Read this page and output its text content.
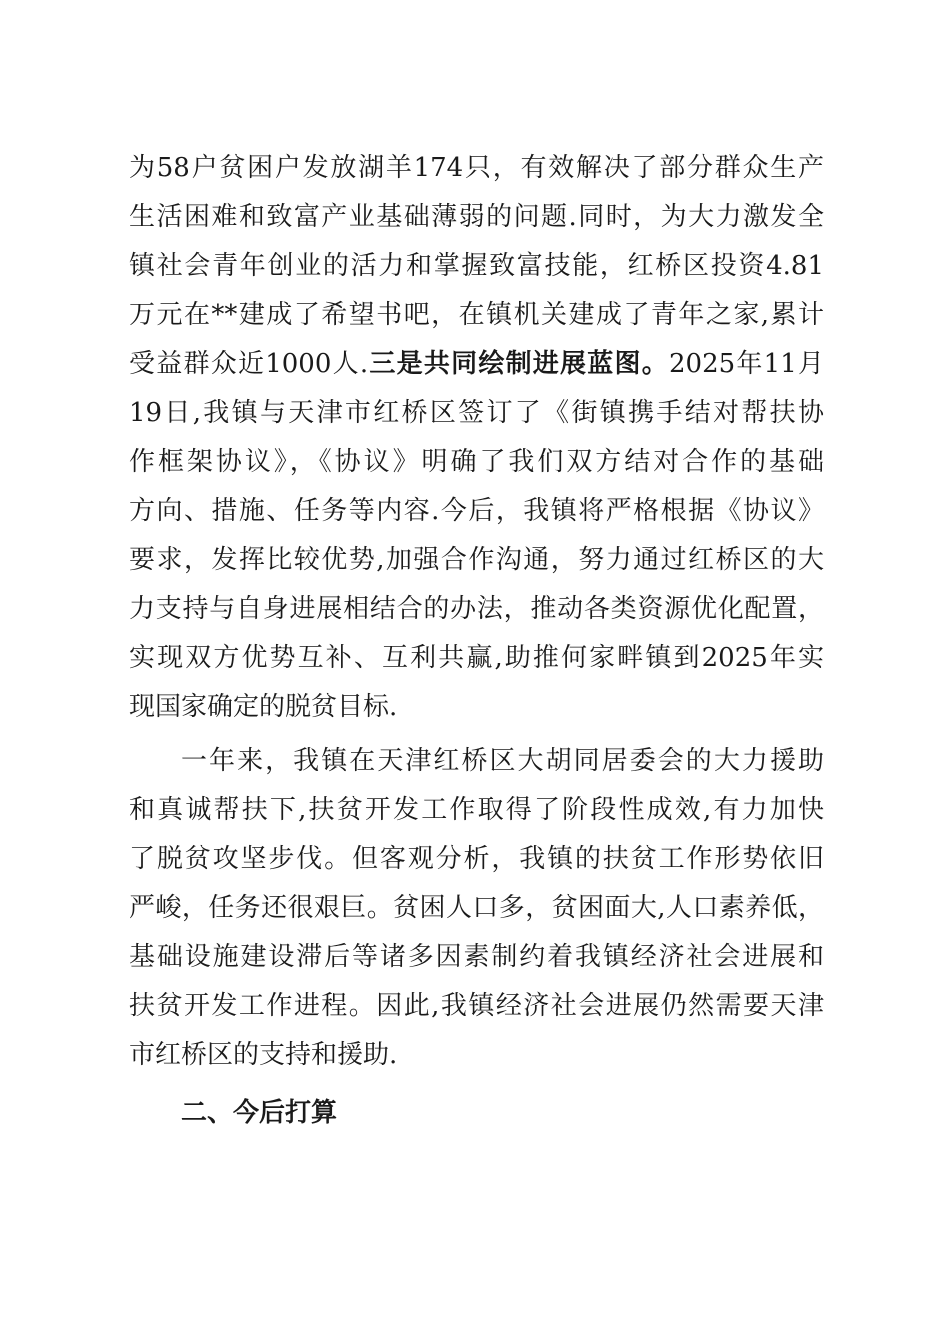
为58户贫困户发放湖羊174只，有效解决了部分群众生产
生活困难和致富产业基础薄弱的问题.同时，为大力激发全
镇社会青年创业的活力和掌握致富技能，红桥区投资4.81
万元在**建成了希望书吧，在镇机关建成了青年之家,累计
受益群众近1000人.三是共同绘制进展蓝图。2025年11月
19日,我镇与天津市红桥区签订了《街镇携手结对帮扶协
作框架协议》，《协议》明确了我们双方结对合作的基础
方向、措施、任务等内容.今后，我镇将严格根据《协议》
要求，发挥比较优势,加强合作沟通，努力通过红桥区的大
力支持与自身进展相结合的办法，推动各类资源优化配置，
实现双方优势互补、互利共赢,助推何家畔镇到2025年实
现国家确定的脱贫目标.
一年来，我镇在天津红桥区大胡同居委会的大力援助
和真诚帮扶下,扶贫开发工作取得了阶段性成效,有力加快
了脱贫攻坚步伐。但客观分析，我镇的扶贫工作形势依旧
严峻，任务还很艰巨。贫困人口多，贫困面大,人口素养低，
基础设施建设滞后等诸多因素制约着我镇经济社会进展和
扶贫开发工作进程。因此,我镇经济社会进展仍然需要天津
市红桥区的支持和援助.
二、今后打算
